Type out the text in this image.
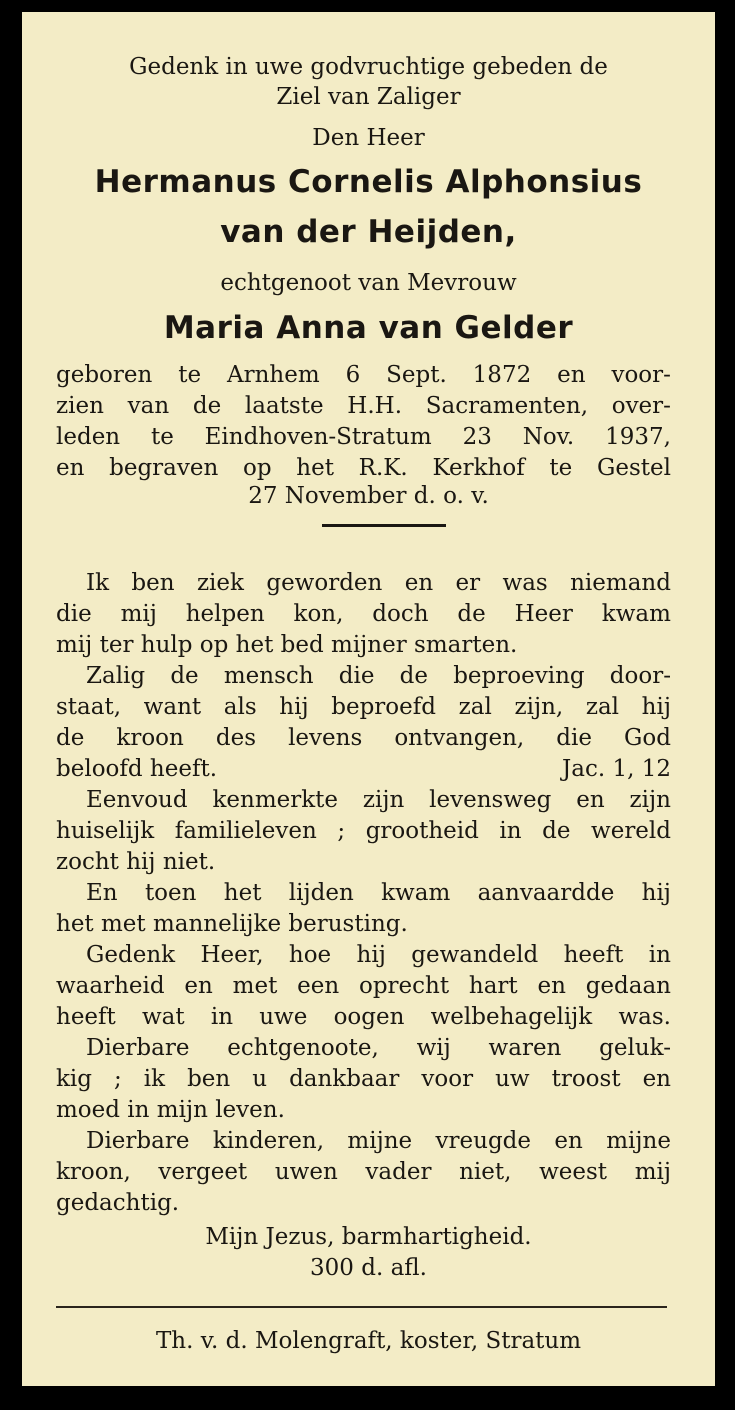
Gedenk in uwe godvruchtige gebeden de
Ziel van Zaliger
Den Heer
Hermanus Cornelis Alphonsius
van der Heijden,
echtgenoot van Mevrouw
Maria Anna van Gelder
geboren te Arnhem 6 Sept. 1872 en voor-
zien van de laatste H.H. Sacramenten, over-
leden te Eindhoven-Stratum 23 Nov. 1937,
en begraven op het R.K. Kerkhof te Gestel
27 November d. o. v.
Ik ben ziek geworden en er was niemand
die mij helpen kon, doch de Heer kwam
mij ter hulp op het bed mijner smarten.
Zalig de mensch die de beproeving door-
staat, want als hij beproefd zal zijn, zal hij
de kroon des levens ontvangen, die God
beloofd heeft.	Jac. 1, 12
Eenvoud kenmerkte zijn levensweg en zijn
huiselijk familieleven ; grootheid in de wereld
zocht hij niet.
En toen het lijden kwam aanvaardde hij
het met mannelijke berusting.
Gedenk Heer, hoe hij gewandeld heeft in
waarheid en met een oprecht hart en gedaan
heeft wat in uwe oogen welbehagelijk was.
Dierbare echtgenoote, wij waren geluk-
kig ; ik ben u dankbaar voor uw troost en
moed in mijn leven.
Dierbare kinderen, mijne vreugde en mijne
kroon, vergeet uwen vader niet, weest mij
gedachtig.
Mijn Jezus, barmhartigheid.
300 d. afl.
Th. v. d. Molengraft, koster, Stratum
